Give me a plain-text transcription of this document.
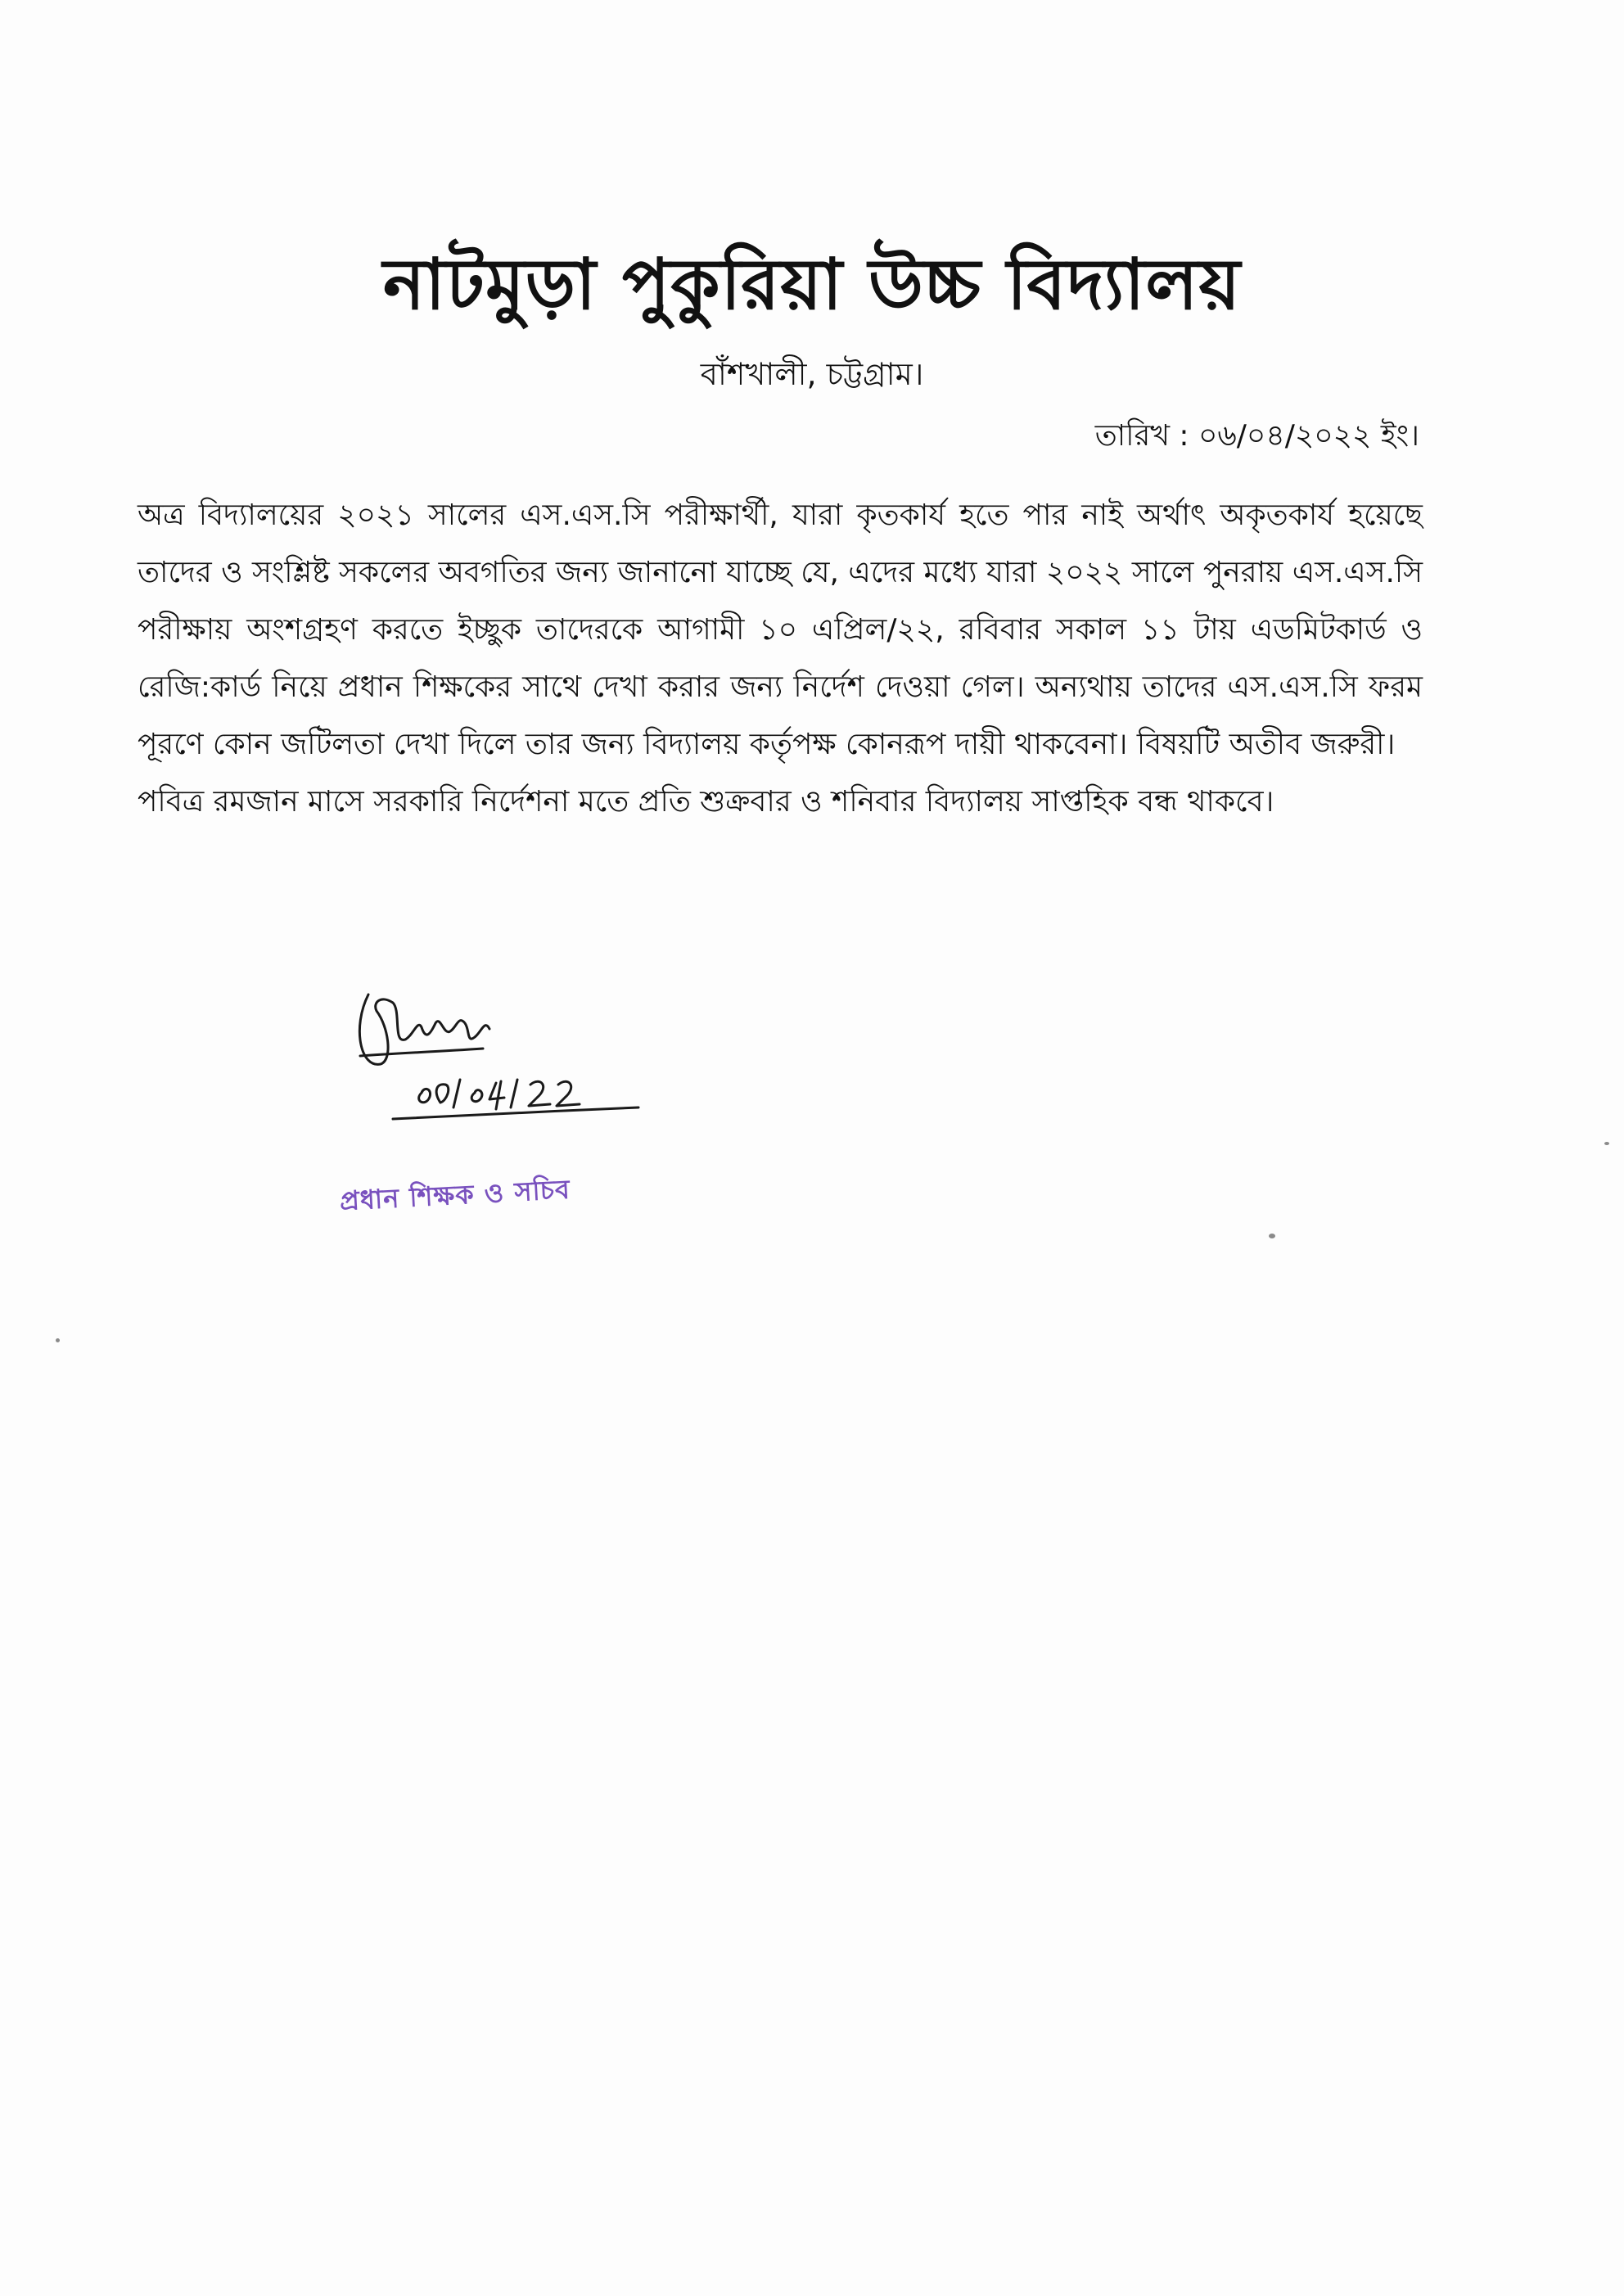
নাটমুড়া পুকুরিয়া উচ্চ বিদ্যালয়
বাঁশখালী, চট্টগ্রাম।
তারিখ : ০৬/০৪/২০২২ ইং।

অত্র বিদ্যালয়ের ২০২১ সালের এস.এস.সি পরীক্ষার্থী, যারা কৃতকার্য হতে পার নাই অর্থাৎ অকৃতকার্য হয়েছে তাদের ও সংশ্লিষ্ট সকলের অবগতির জন্য জানানো যাচ্ছে যে, এদের মধ্যে যারা ২০২২ সালে পুনরায় এস.এস.সি পরীক্ষায় অংশগ্রহণ করতে ইচ্ছুক তাদেরকে আগামী ১০ এপ্রিল/২২, রবিবার সকাল ১১ টায় এডমিটকার্ড ও রেজি:কার্ড নিয়ে প্রধান শিক্ষকের সাথে দেখা করার জন্য নির্দেশ দেওয়া গেল। অন্যথায় তাদের এস.এস.সি ফরম পূরণে কোন জটিলতা দেখা দিলে তার জন্য বিদ্যালয় কর্তৃপক্ষ কোনরূপ দায়ী থাকবেনা। বিষয়টি অতীব জরুরী।

পবিত্র রমজান মাসে সরকারি নির্দেশনা মতে প্রতি শুক্রবার ও শনিবার বিদ্যালয় সাপ্তহিক বন্ধ থাকবে।

প্রধান শিক্ষক ও সচিব
